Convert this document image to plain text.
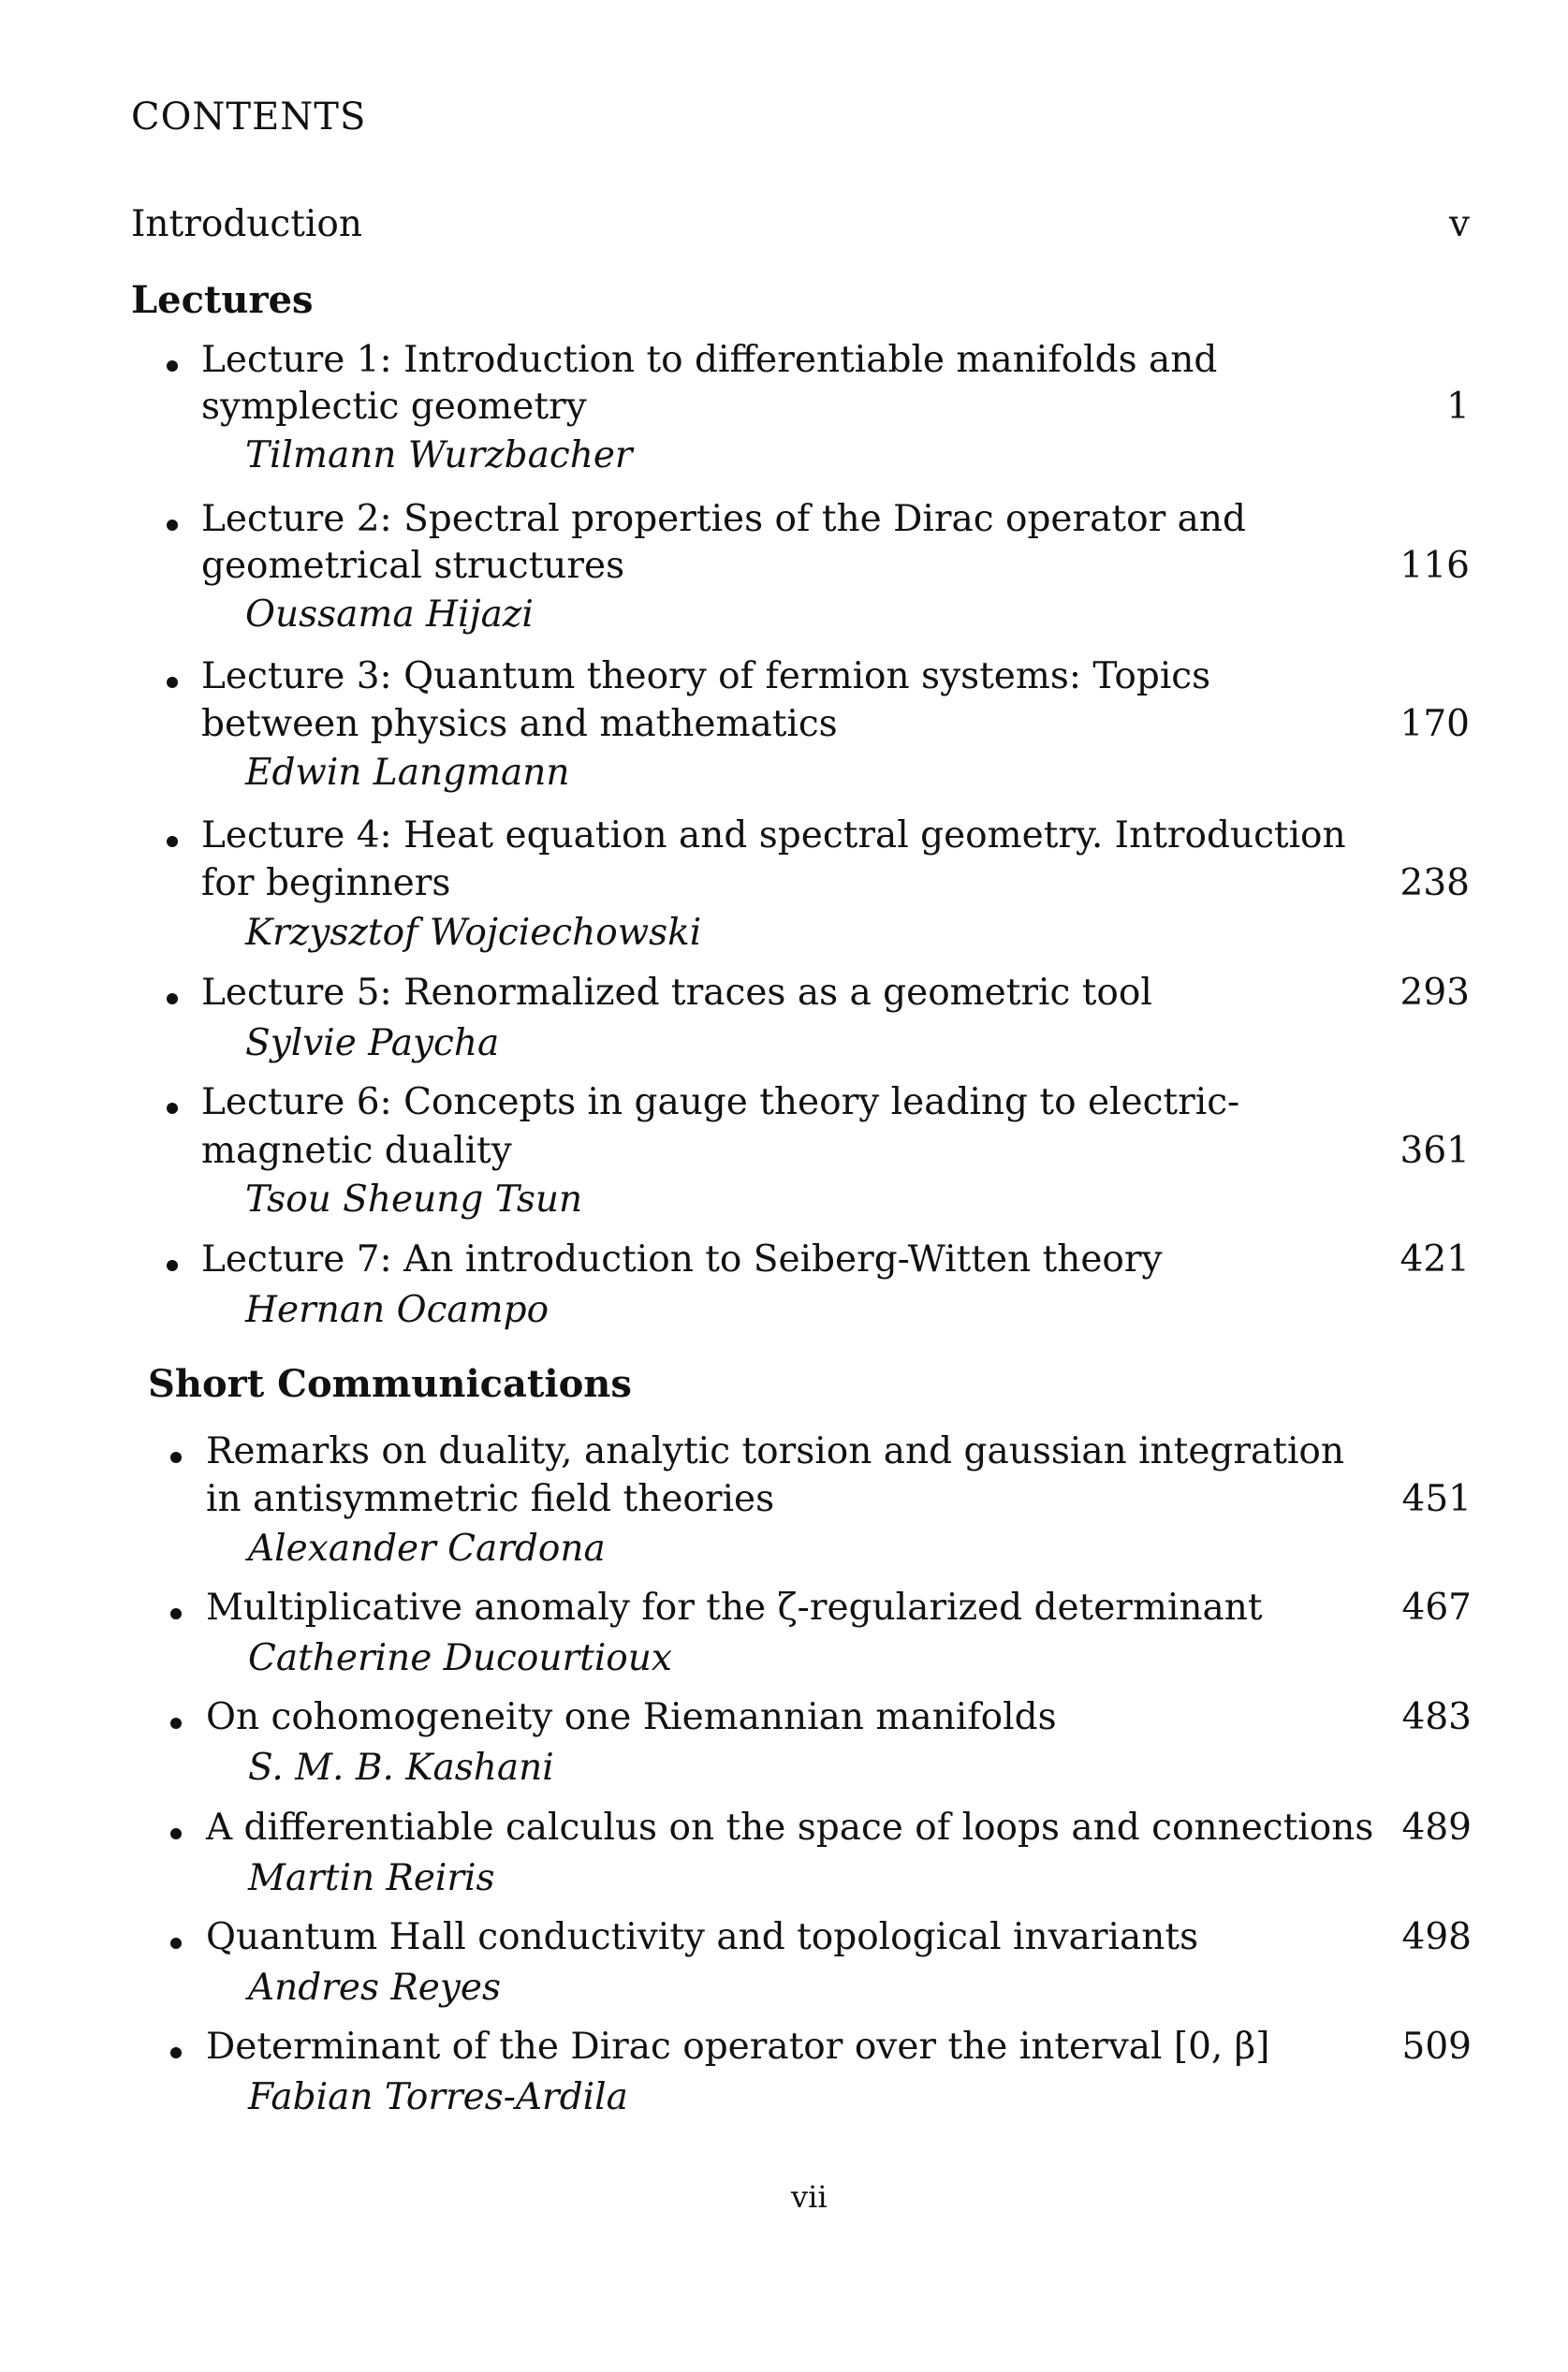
CONTENTS
Introduction	v
Lectures
Lecture 1: Introduction to differentiable manifolds and
symplectic geometry	1
Tilmann Wurzbacher
Lecture 2: Spectral properties of the Dirac operator and
geometrical structures	116
Oussama Hijazi
Lecture 3: Quantum theory of fermion systems: Topics
between physics and mathematics	170
Edwin Langmann
Lecture 4: Heat equation and spectral geometry. Introduction
for beginners	238
Krzysztof Wojciechowski
Lecture 5: Renormalized traces as a geometric tool	293
Sylvie Paycha
Lecture 6: Concepts in gauge theory leading to electric-
magnetic duality	361
Tsou Sheung Tsun
Lecture 7: An introduction to Seiberg-Witten theory	421
Hernan Ocampo
Short Communications
Remarks on duality, analytic torsion and gaussian integration
in antisymmetric field theories	451
Alexander Cardona
Multiplicative anomaly for the ζ-regularized determinant	467
Catherine Ducourtioux
On cohomogeneity one Riemannian manifolds	483
S. M. B. Kashani
A differentiable calculus on the space of loops and connections 489
Martin Reiris
Quantum Hall conductivity and topological invariants	498
Andres Reyes
Determinant of the Dirac operator over the interval [0, β]	509
Fabian Torres-Ardila
vii
